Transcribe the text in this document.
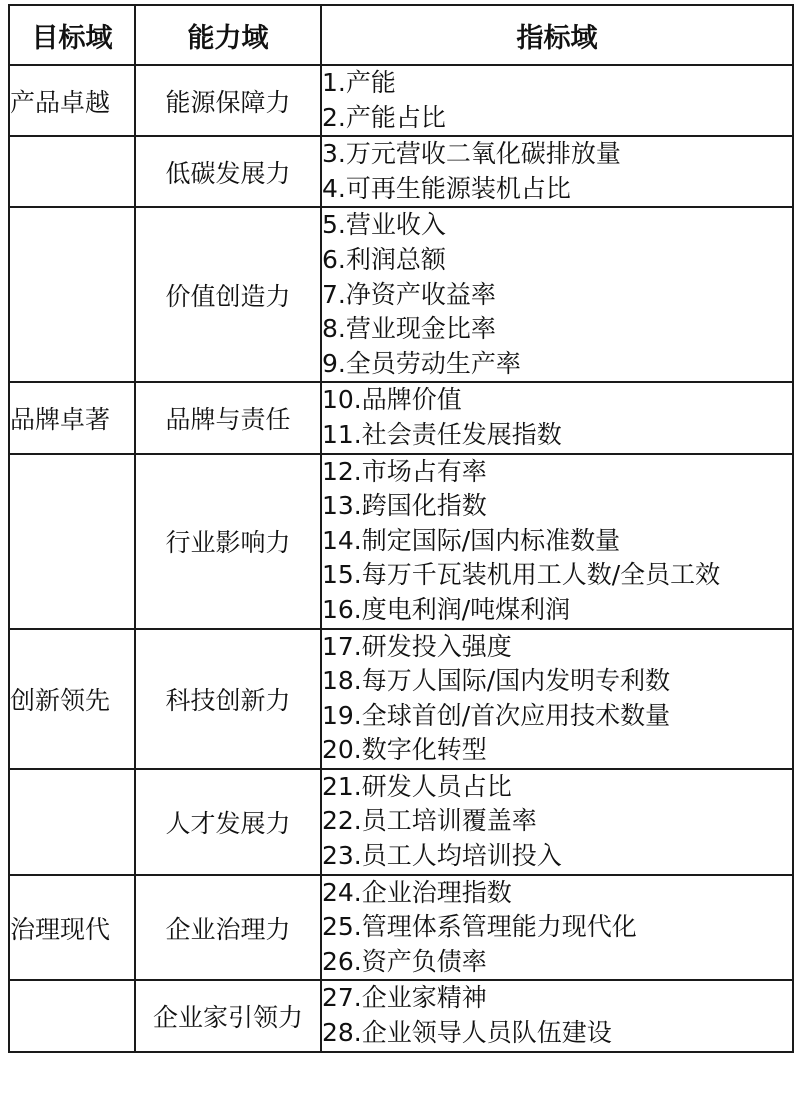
目标域	能力域	指标域
产品卓越	能源保障力	1.产能
2.产能占比

	低碳发展力	3.万元营收二氧化碳排放量
4.可再生能源装机占比

	价值创造力	5.营业收入
6.利润总额
7.净资产收益率
8.营业现金比率
9.全员劳动生产率

品牌卓著	品牌与责任	10.品牌价值
11.社会责任发展指数

	行业影响力	12.市场占有率
13.跨国化指数
14.制定国际/国内标准数量
15.每万千瓦装机用工人数/全员工效
16.度电利润/吨煤利润

创新领先	科技创新力	17.研发投入强度
18.每万人国际/国内发明专利数
19.全球首创/首次应用技术数量
20.数字化转型

	人才发展力	21.研发人员占比
22.员工培训覆盖率
23.员工人均培训投入

治理现代	企业治理力	24.企业治理指数
25.管理体系管理能力现代化
26.资产负债率

	企业家引领力	27.企业家精神
28.企业领导人员队伍建设
